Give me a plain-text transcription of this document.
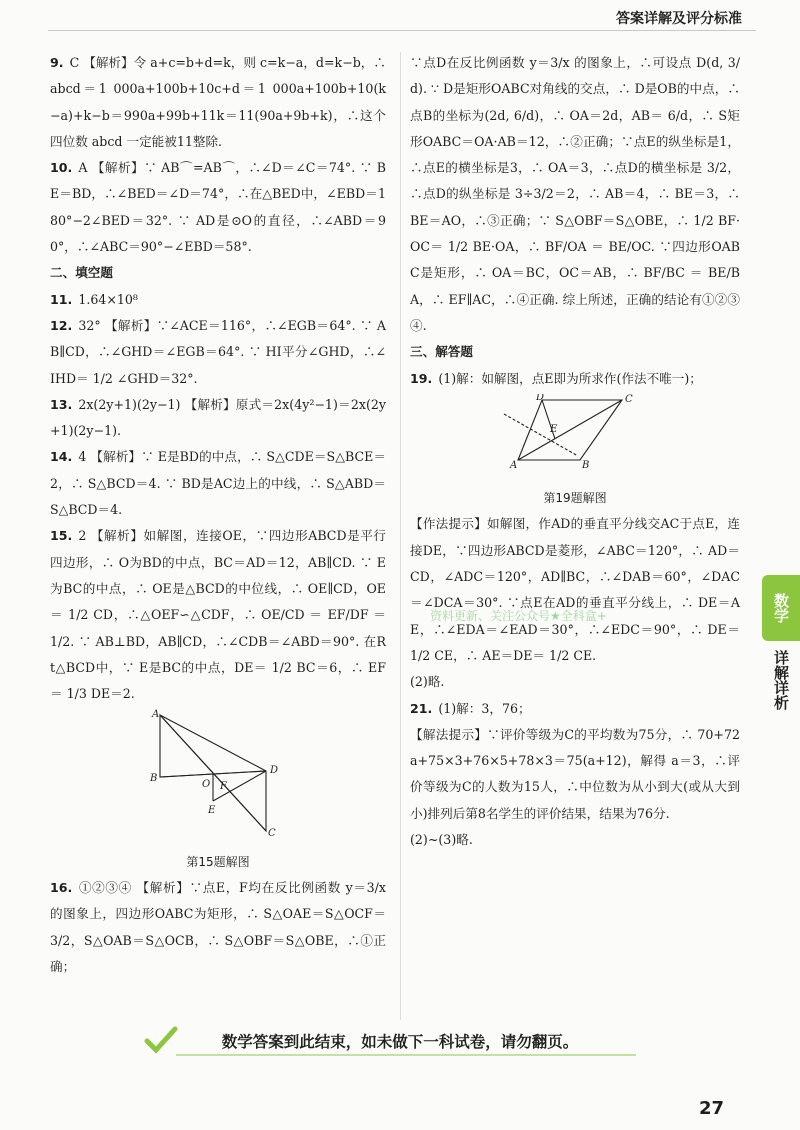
答案详解及评分标准

9. C 【解析】令 a+c=b+d=k，则 c=k−a，d=k−b，∴ abcd＝1 000a+100b+10c+d＝1 000a+100b+10(k−a)+k−b＝990a+99b+11k＝11(90a+9b+k)，∴这个四位数 abcd 一定能被11整除.

10. A 【解析】∵ AB⌒=AB⌒，∴∠D＝∠C＝74°. ∵ BE＝BD，∴∠BED＝∠D＝74°，∴在△BED中，∠EBD＝180°−2∠BED＝32°. ∵ AD是⊙O的直径，∴∠ABD＝90°，∴∠ABC＝90°−∠EBD＝58°.

二、填空题

11. 1.64×10⁸

12. 32° 【解析】∵∠ACE＝116°，∴∠EGB＝64°. ∵ AB∥CD，∴∠GHD＝∠EGB＝64°. ∵ HI平分∠GHD，∴∠IHD＝ 1/2 ∠GHD＝32°.

13. 2x(2y+1)(2y−1) 【解析】原式＝2x(4y²−1)＝2x(2y+1)(2y−1).

14. 4 【解析】∵ E是BD的中点，∴ S△CDE＝S△BCE＝2，∴ S△BCD＝4. ∵ BD是AC边上的中线，∴ S△ABD＝S△BCD＝4.

15. 2 【解析】如解图，连接OE，∵四边形ABCD是平行四边形，∴ O为BD的中点，BC＝AD＝12，AB∥CD. ∵ E为BC的中点，∴ OE是△BCD的中位线，∴ OE∥CD，OE＝ 1/2 CD，∴△OEF∽△CDF，∴ OE/CD ＝ EF/DF ＝ 1/2. ∵ AB⊥BD，AB∥CD，∴∠CDB＝∠ABD＝90°. 在Rt△BCD中，∵ E是BC的中点，DE＝ 1/2 BC＝6，∴ EF＝ 1/3 DE＝2.

A
B
D
C
O
E
F
第15题解图

16. ①②③④ 【解析】∵点E，F均在反比例函数 y＝3/x 的图象上，四边形OABC为矩形，∴ S△OAE＝S△OCF＝ 3/2，S△OAB＝S△OCB，∴ S△OBF＝S△OBE，∴①正确；

∵点D在反比例函数 y＝3/x 的图象上，∴可设点 D(d, 3/d). ∵ D是矩形OABC对角线的交点，∴ D是OB的中点，∴点B的坐标为(2d, 6/d)，∴ OA＝2d，AB＝ 6/d，∴ S矩形OABC＝OA·AB＝12，∴②正确；∵点E的纵坐标是1，∴点E的横坐标是3，∴ OA＝3，∴点D的横坐标是 3/2，∴点D的纵坐标是 3÷3/2＝2，∴ AB＝4，∴ BE＝3，∴ BE＝AO，∴③正确；∵ S△OBF＝S△OBE，∴ 1/2 BF·OC＝ 1/2 BE·OA，∴ BF/OA ＝ BE/OC. ∵四边形OABC是矩形，∴ OA＝BC，OC＝AB，∴ BF/BC ＝ BE/BA，∴ EF∥AC，∴④正确. 综上所述，正确的结论有①②③④.

三、解答题

19. (1)解：如解图，点E即为所求作(作法不唯一)；

D	C
A	B
E
第19题解图

【作法提示】如解图，作AD的垂直平分线交AC于点E，连接DE，∵四边形ABCD是菱形，∠ABC＝120°，∴ AD＝CD，∠ADC＝120°，AD∥BC，∴∠DAB＝60°，∠DAC＝∠DCA＝30°. ∵点E在AD的垂直平分线上，∴ DE＝AE，∴∠EDA＝∠EAD＝30°，∴∠EDC＝90°，∴ DE＝ 1/2 CE，∴ AE＝DE＝ 1/2 CE.

(2)略.

21. (1)解：3，76；

【解法提示】∵评价等级为C的平均数为75分，∴ 70+72a+75×3+76×5+78×3＝75(a+12)，解得 a＝3，∴评价等级为C的人数为15人，∴中位数为从小到大(或从大到小)排列后第8名学生的评价结果，结果为76分.

(2)~(3)略.

资料更新、关注公众号★全科盒+	数学
详解详析
数学答案到此结束，如未做下一科试卷，请勿翻页。
27
